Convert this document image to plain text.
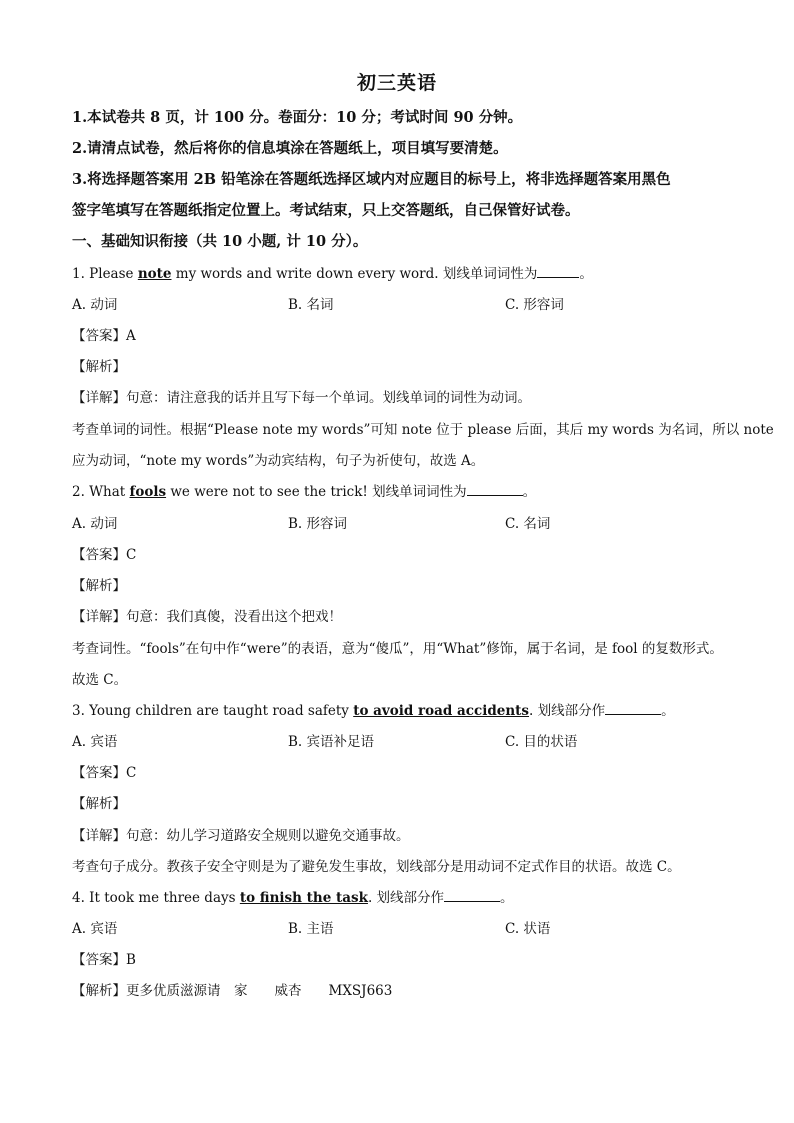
初三英语
1.本试卷共 8 页，计 100 分。卷面分：10 分；考试时间 90 分钟。
2.请清点试卷，然后将你的信息填涂在答题纸上，项目填写要清楚。
3.将选择题答案用 2B 铅笔涂在答题纸选择区域内对应题目的标号上，将非选择题答案用黑色
签字笔填写在答题纸指定位置上。考试结束，只上交答题纸，自己保管好试卷。
一、基础知识衔接（共 10 小题, 计 10 分）。
1. Please note my words and write down every word. 划线单词词性为	。
A. 动词	B. 名词	C. 形容词
【答案】A
【解析】
【详解】句意：请注意我的话并且写下每一个单词。划线单词的词性为动词。
考查单词的词性。根据“Please note my words”可知 note 位于 please 后面，其后 my words 为名词，所以 note
应为动词，“note my words”为动宾结构，句子为祈使句，故选 A。
2. What fools we were not to see the trick! 划线单词词性为	。
A. 动词	B. 形容词	C. 名词
【答案】C
【解析】
【详解】句意：我们真傻，没看出这个把戏！
考查词性。“fools”在句中作“were”的表语，意为“傻瓜”，用“What”修饰，属于名词，是 fool 的复数形式。
故选 C。
3. Young children are taught road safety to avoid road accidents. 划线部分作	。
A. 宾语	B. 宾语补足语	C. 目的状语
【答案】C
【解析】
【详解】句意：幼儿学习道路安全规则以避免交通事故。
考查句子成分。教孩子安全守则是为了避免发生事故，划线部分是用动词不定式作目的状语。故选 C。
4. It took me three days to finish the task. 划线部分作	。
A. 宾语	B. 主语	C. 状语
【答案】B
【解析】更多优质滋源请　家　　威杏　　MXSJ663
